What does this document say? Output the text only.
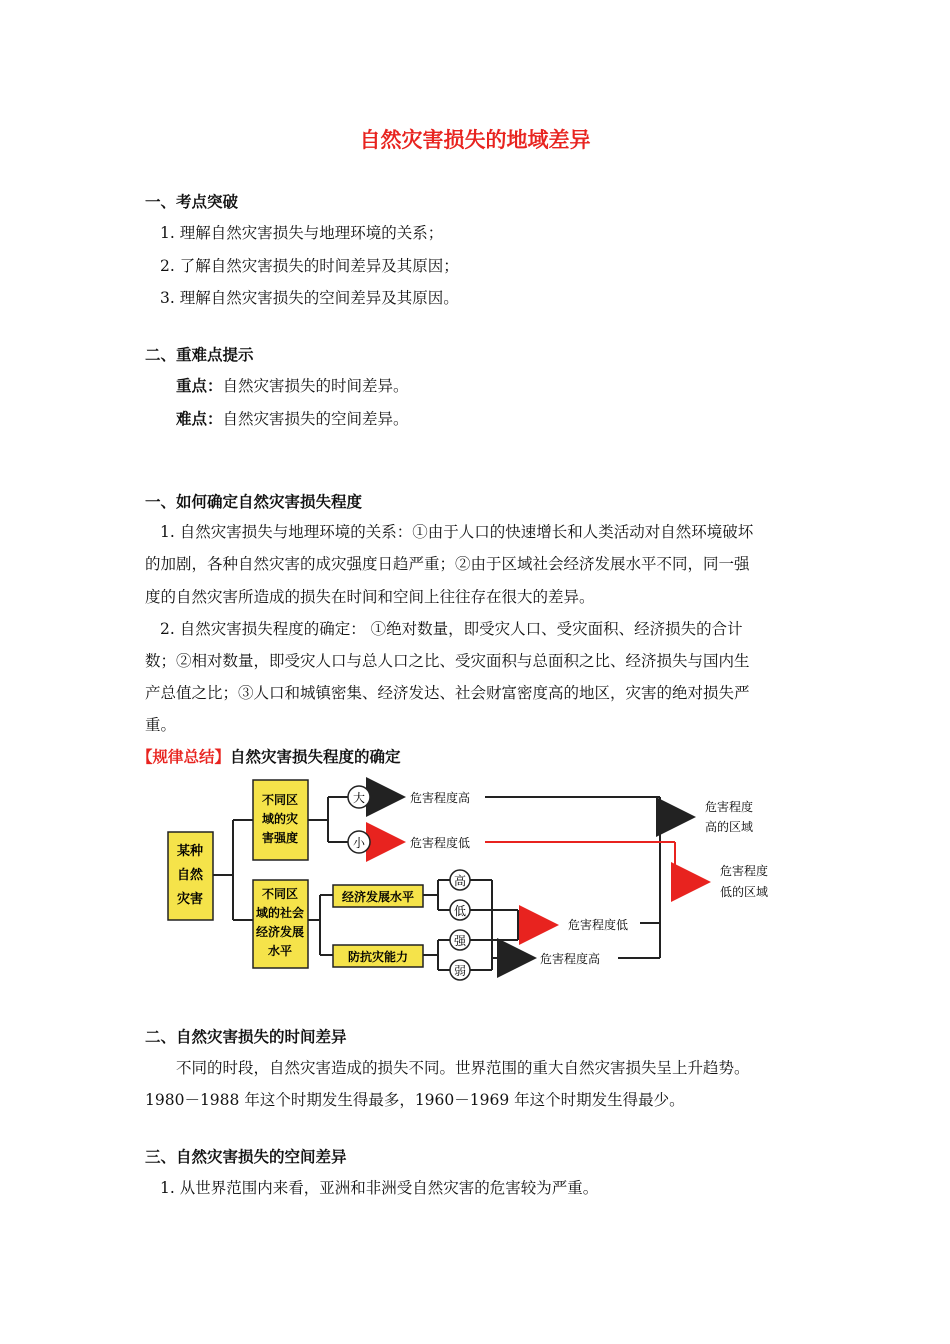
自然灾害损失的地域差异
一、考点突破
1. 理解自然灾害损失与地理环境的关系；
2. 了解自然灾害损失的时间差异及其原因；
3. 理解自然灾害损失的空间差异及其原因。
二、重难点提示
重点：自然灾害损失的时间差异。
难点：自然灾害损失的空间差异。
一、如何确定自然灾害损失程度
1. 自然灾害损失与地理环境的关系：①由于人口的快速增长和人类活动对自然环境破坏
的加剧，各种自然灾害的成灾强度日趋严重；②由于区域社会经济发展水平不同，同一强
度的自然灾害所造成的损失在时间和空间上往往存在很大的差异。
2. 自然灾害损失程度的确定： ①绝对数量，即受灾人口、受灾面积、经济损失的合计
数；②相对数量，即受灾人口与总人口之比、受灾面积与总面积之比、经济损失与国内生
产总值之比；③人口和城镇密集、经济发达、社会财富密度高的地区，灾害的绝对损失严
重。
【规律总结】自然灾害损失程度的确定
某种
自然
灾害
不同区
域的灾
害强度
不同区
域的社会
经济发展
水平
经济发展水平
防抗灾能力
大
小
高
低
强
弱
危害程度高
危害程度低
危害程度低
危害程度高
危害程度
高的区域
危害程度
低的区域
二、自然灾害损失的时间差异
不同的时段，自然灾害造成的损失不同。世界范围的重大自然灾害损失呈上升趋势。
1980－1988 年这个时期发生得最多，1960－1969 年这个时期发生得最少。
三、自然灾害损失的空间差异
1. 从世界范围内来看，亚洲和非洲受自然灾害的危害较为严重。
